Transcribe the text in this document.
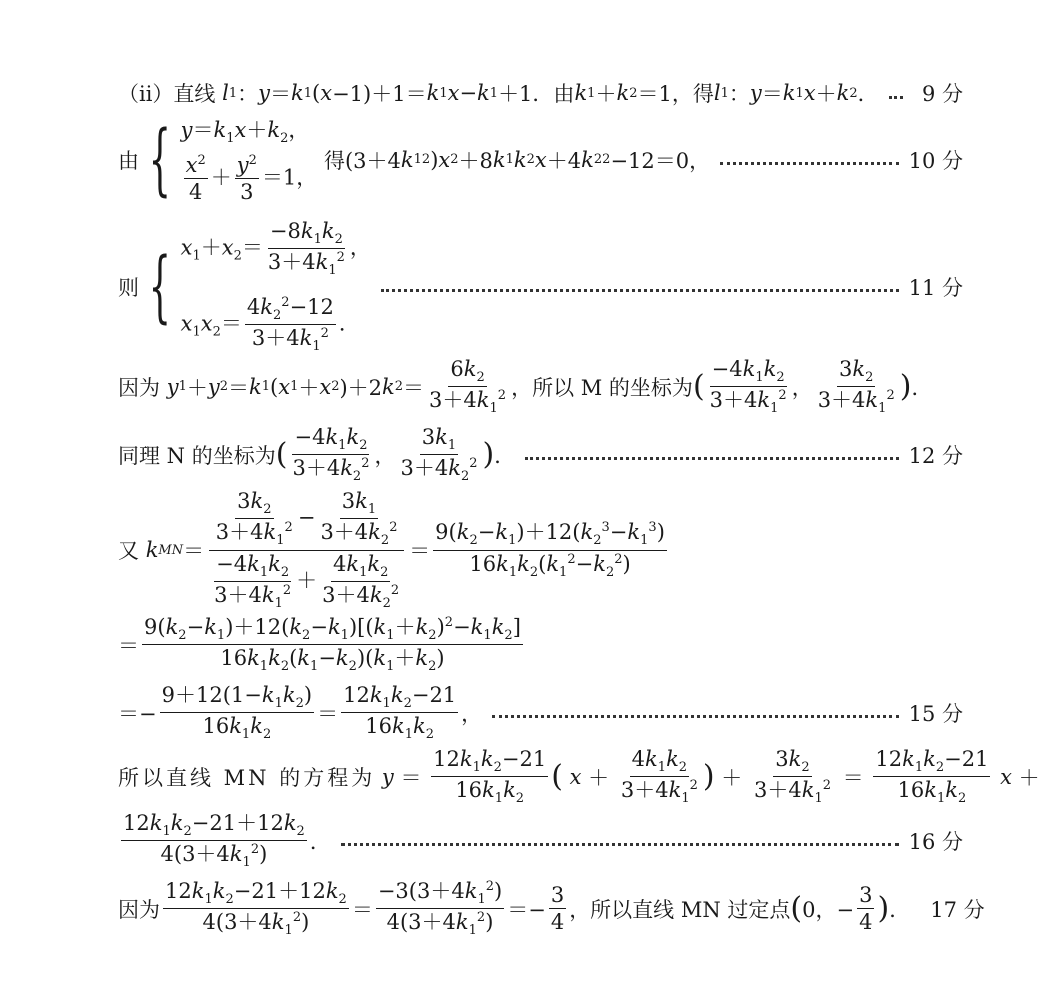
（ⅱ）直线
l 1 ： y ＝ k 1 ( x −1)＋1＝ k 1 x − k 1 ＋1．由 k 1 ＋ k 2 ＝1，得 l 1 ： y ＝ k 1 x ＋ k 2 ．	9 分
由 { $y=k_1x+k_2$，
$\frac{x^2}{4} + \frac{y^2}{3} =1$，
得(3＋4 k 1 2 ) x 2 ＋8 k 1 k 2 x ＋4 k 2 2 −12＝0，	10 分
则 { $x_1+x_2= \frac{-8k_1k_2}{3+4k_1^2}$ ，
$x_1x_2= \frac{4k_2^2-12}{3+4k_1^2}$ ．
11 分
因为
y 1 ＋ y 2 ＝ k 1 ( x 1 ＋ x 2 )＋2 k $2 = \frac{6k_2}{3+4k_1^2}$ ，所以 M 的坐标为 ( $\frac{-4k_1k_2}{3+4k_1^2}$ ， $\frac{3k_2}{3+4k_1^2}$ ) ．
同理 N 的坐标为 ( $\frac{-4k_1k_2}{3+4k_2^2}$ ， $\frac{3k_1}{3+4k_2^2}$ ) ．	12 分
又
k MN ＝ $\frac{\frac{3k_2}{3+4k_1^2} - \frac{3k_1}{3+4k_2^2}}{\frac{-4k_1k_2}{3+4k_1^2} + \frac{4k_1k_2}{3+4k_2^2}} = \frac{9(k_2-k_1)+12(k_2^3-k_1^3)}{16k_1k_2(k_1^2-k_2^2)}$
＝ $\frac{9(k_2-k_1)+12(k_2-k_1)[(k_1+k_2)^2-k_1k_2]}{16k_1k_2(k_1-k_2)(k_1+k_2)}$
＝− $\frac{9+12(1-k_1k_2)}{16k_1k_2} = \frac{12k_1k_2-21}{16k_1k_2}$ ，	15 分
所以直线 MN 的方程为
$y = \frac{12k_1k_2-21}{16k_1k_2}$ (
$x + \frac{4k_1k_2}{3+4k_1^2}$ ) ＋ $\frac{3k_2}{3+4k_1^2} = \frac{12k_1k_2-21}{16k_1k_2}$
x ＋
$\frac{12k_1k_2-21+12k_2}{4(3+4k_1^2)}$ ．	16 分
因为 $\frac{12k_1k_2-21+12k_2}{4(3+4k_1^2)} = \frac{-3(3+4k_1^2)}{4(3+4k_1^2)} =- \frac{3}{4}$ ，所以直线 MN 过定点 ( 0，− $\frac{3}{4}$ ) ． 17 分
